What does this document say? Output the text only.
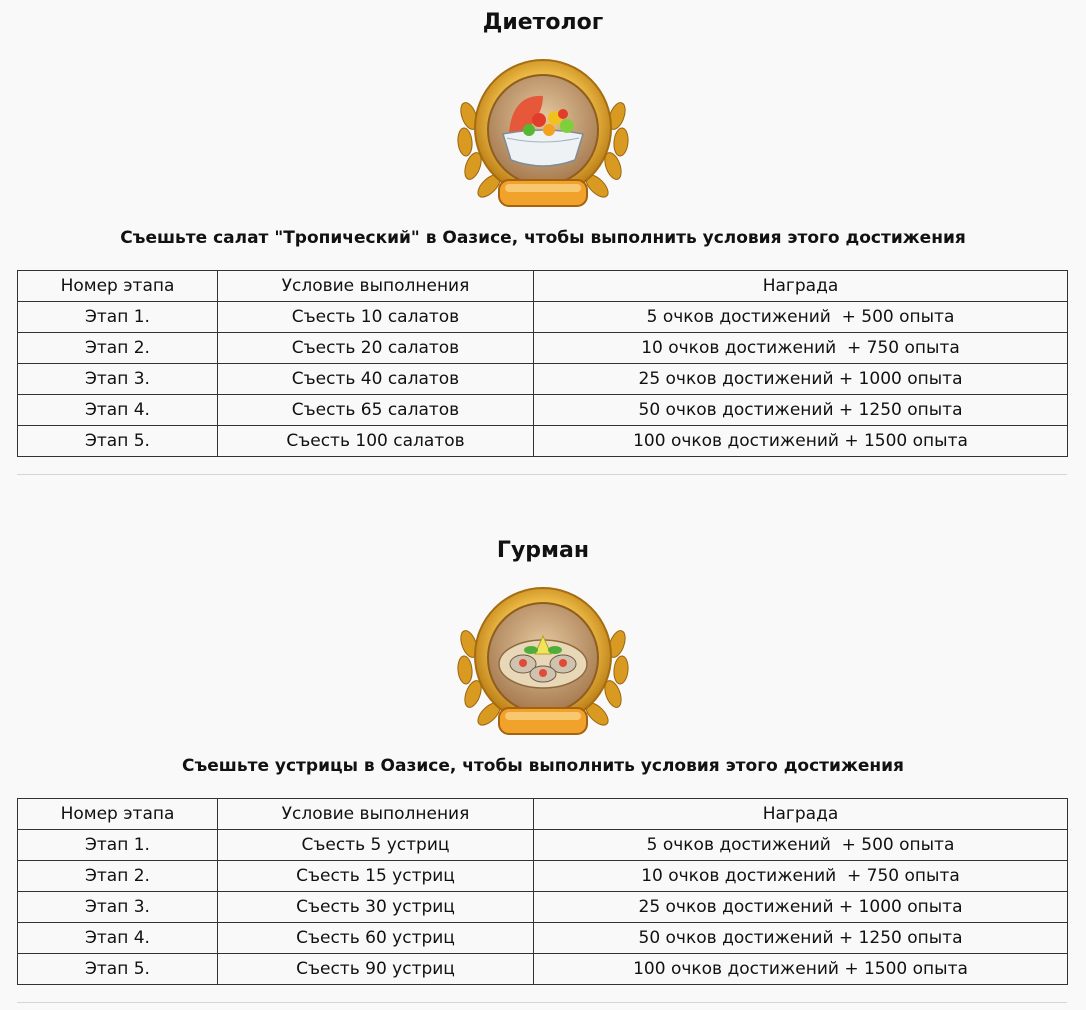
Диетолог
Съешьте салат "Тропический" в Оазисе, чтобы выполнить условия этого достижения
Номер этапа	Условие выполнения	Награда
Этап 1.	Съесть 10 салатов	5 очков достижений  + 500 опыта
Этап 2.	Съесть 20 салатов	10 очков достижений  + 750 опыта
Этап 3.	Съесть 40 салатов	25 очков достижений + 1000 опыта
Этап 4.	Съесть 65 салатов	50 очков достижений + 1250 опыта
Этап 5.	Съесть 100 салатов	100 очков достижений + 1500 опыта
Гурман
Съешьте устрицы в Оазисе, чтобы выполнить условия этого достижения
Номер этапа	Условие выполнения	Награда
Этап 1.	Съесть 5 устриц	5 очков достижений  + 500 опыта
Этап 2.	Съесть 15 устриц	10 очков достижений  + 750 опыта
Этап 3.	Съесть 30 устриц	25 очков достижений + 1000 опыта
Этап 4.	Съесть 60 устриц	50 очков достижений + 1250 опыта
Этап 5.	Съесть 90 устриц	100 очков достижений + 1500 опыта
